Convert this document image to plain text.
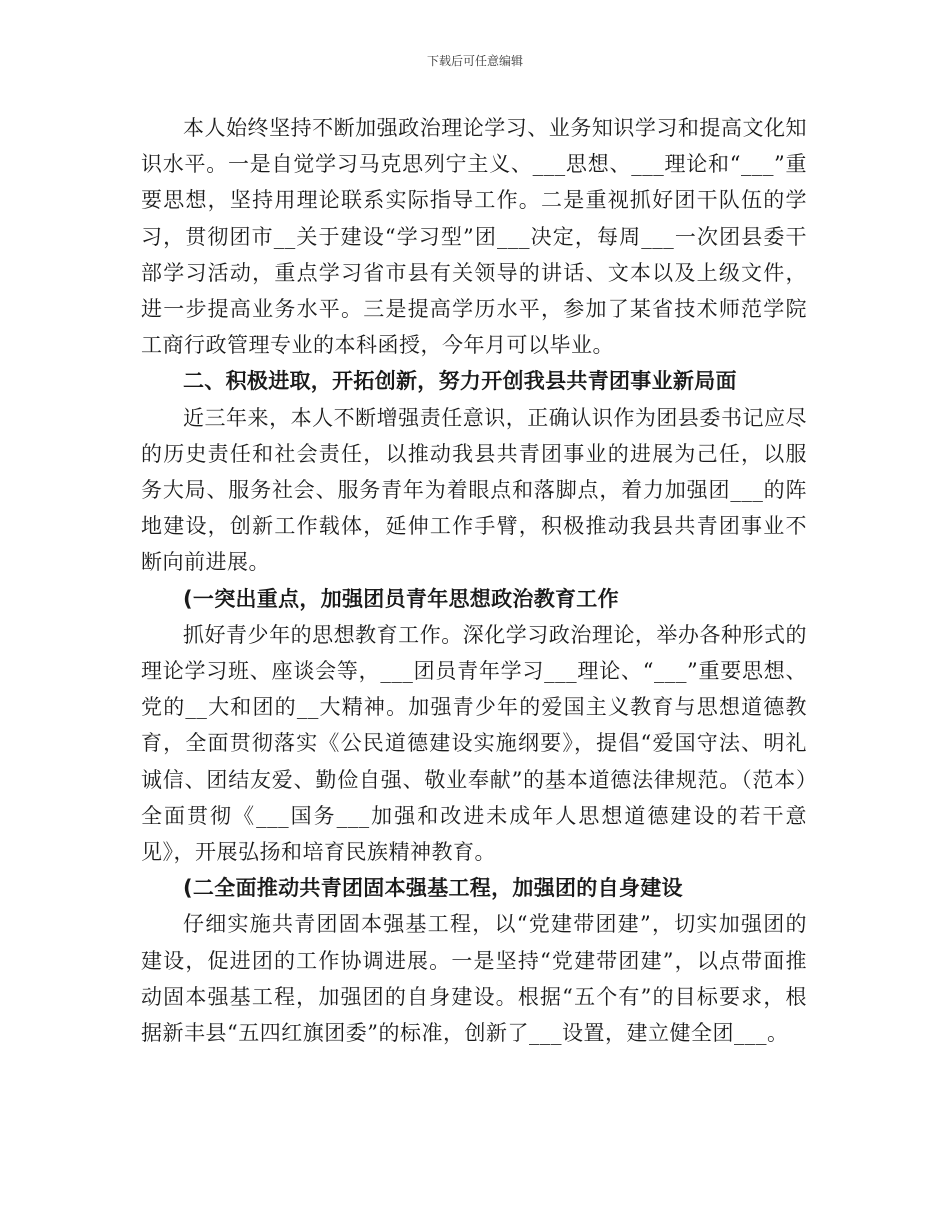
下载后可任意编辑

本人始终坚持不断加强政治理论学习、业务知识学习和提高文化知识水平。一是自觉学习马克思列宁主义、___思想、___理论和“___”重要思想，坚持用理论联系实际指导工作。二是重视抓好团干队伍的学习，贯彻团市__关于建设“学习型”团___决定，每周___一次团县委干部学习活动，重点学习省市县有关领导的讲话、文本以及上级文件，进一步提高业务水平。三是提高学历水平，参加了某省技术师范学院工商行政管理专业的本科函授，今年月可以毕业。

二、积极进取，开拓创新，努力开创我县共青团事业新局面

近三年来，本人不断增强责任意识，正确认识作为团县委书记应尽的历史责任和社会责任，以推动我县共青团事业的进展为己任，以服务大局、服务社会、服务青年为着眼点和落脚点，着力加强团___的阵地建设，创新工作载体，延伸工作手臂，积极推动我县共青团事业不断向前进展。

(一突出重点，加强团员青年思想政治教育工作

抓好青少年的思想教育工作。深化学习政治理论，举办各种形式的理论学习班、座谈会等，___团员青年学习___理论、“___”重要思想、党的__大和团的__大精神。加强青少年的爱国主义教育与思想道德教育，全面贯彻落实《公民道德建设实施纲要》，提倡“爱国守法、明礼诚信、团结友爱、勤俭自强、敬业奉献”的基本道德法律规范。（范本）全面贯彻《___国务___加强和改进未成年人思想道德建设的若干意见》，开展弘扬和培育民族精神教育。

(二全面推动共青团固本强基工程，加强团的自身建设

仔细实施共青团固本强基工程，以“党建带团建”，切实加强团的建设，促进团的工作协调进展。一是坚持“党建带团建”，以点带面推动固本强基工程，加强团的自身建设。根据“五个有”的目标要求，根据新丰县“五四红旗团委”的标准，创新了___设置，建立健全团___。
